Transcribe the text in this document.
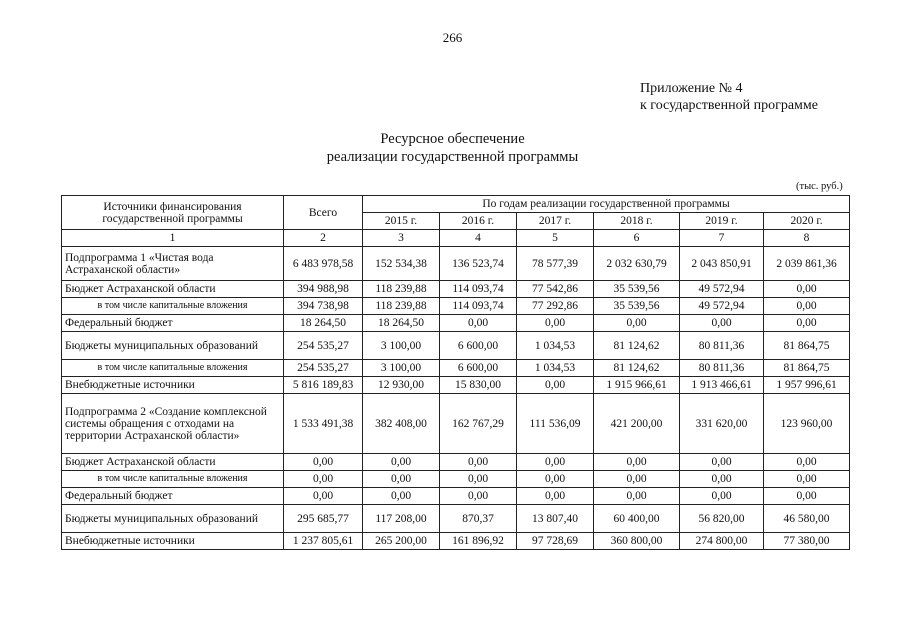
266
Приложение № 4
к государственной программе
Ресурсное обеспечение
реализации государственной программы
(тыс. руб.)
Источники финансирования государственной программы	Всего	По годам реализации государственной программы					
		2015 г.	2016 г.	2017 г.	2018 г.	2019 г.	2020 г.
1	2	3	4	5	6	7	8
Подпрограмма 1 «Чистая вода Астраханской области»	6 483 978,58	152 534,38	136 523,74	78 577,39	2 032 630,79	2 043 850,91	2 039 861,36
Бюджет Астраханской области	394 988,98	118 239,88	114 093,74	77 542,86	35 539,56	49 572,94	0,00
в том числе капитальные вложения	394 738,98	118 239,88	114 093,74	77 292,86	35 539,56	49 572,94	0,00
Федеральный бюджет	18 264,50	18 264,50	0,00	0,00	0,00	0,00	0,00
Бюджеты муниципальных образований	254 535,27	3 100,00	6 600,00	1 034,53	81 124,62	80 811,36	81 864,75
в том числе капитальные вложения	254 535,27	3 100,00	6 600,00	1 034,53	81 124,62	80 811,36	81 864,75
Внебюджетные источники	5 816 189,83	12 930,00	15 830,00	0,00	1 915 966,61	1 913 466,61	1 957 996,61
Подпрограмма 2 «Создание комплексной системы обращения с отходами на территории Астраханской области»	1 533 491,38	382 408,00	162 767,29	111 536,09	421 200,00	331 620,00	123 960,00
Бюджет Астраханской области	0,00	0,00	0,00	0,00	0,00	0,00	0,00
в том числе капитальные вложения	0,00	0,00	0,00	0,00	0,00	0,00	0,00
Федеральный бюджет	0,00	0,00	0,00	0,00	0,00	0,00	0,00
Бюджеты муниципальных образований	295 685,77	117 208,00	870,37	13 807,40	60 400,00	56 820,00	46 580,00
Внебюджетные источники	1 237 805,61	265 200,00	161 896,92	97 728,69	360 800,00	274 800,00	77 380,00
